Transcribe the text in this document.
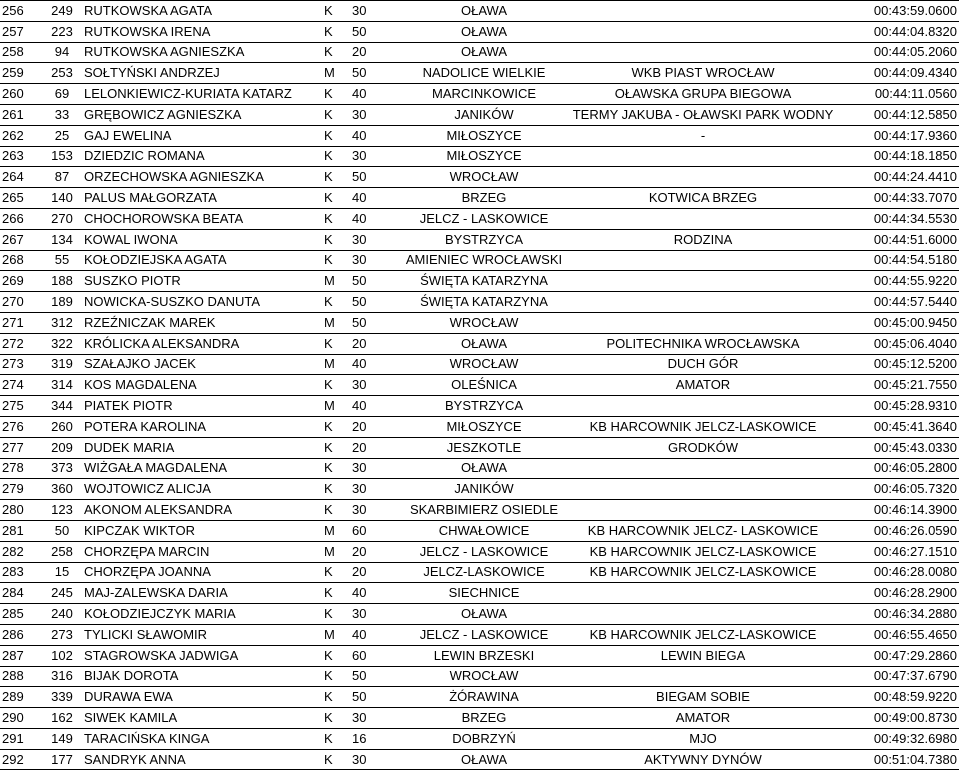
256	249	RUTKOWSKA AGATA	K	30	OŁAWA		00:43:59.0600
257	223	RUTKOWSKA IRENA	K	50	OŁAWA		00:44:04.8320
258	94	RUTKOWSKA AGNIESZKA	K	20	OŁAWA		00:44:05.2060
259	253	SOŁTYŃSKI ANDRZEJ	M	50	NADOLICE WIELKIE	WKB PIAST WROCŁAW	00:44:09.4340
260	69	LELONKIEWICZ-KURIATA KATARZ	K	40	MARCINKOWICE	OŁAWSKA GRUPA BIEGOWA	00:44:11.0560
261	33	GRĘBOWICZ AGNIESZKA	K	30	JANIKÓW	TERMY JAKUBA - OŁAWSKI PARK WODNY	00:44:12.5850
262	25	GAJ EWELINA	K	40	MIŁOSZYCE	-	00:44:17.9360
263	153	DZIEDZIC ROMANA	K	30	MIŁOSZYCE		00:44:18.1850
264	87	ORZECHOWSKA AGNIESZKA	K	50	WROCŁAW		00:44:24.4410
265	140	PALUS MAŁGORZATA	K	40	BRZEG	KOTWICA BRZEG	00:44:33.7070
266	270	CHOCHOROWSKA BEATA	K	40	JELCZ - LASKOWICE		00:44:34.5530
267	134	KOWAL IWONA	K	30	BYSTRZYCA	RODZINA	00:44:51.6000
268	55	KOŁODZIEJSKA AGATA	K	30	AMIENIEC WROCŁAWSKI		00:44:54.5180
269	188	SUSZKO PIOTR	M	50	ŚWIĘTA KATARZYNA		00:44:55.9220
270	189	NOWICKA-SUSZKO DANUTA	K	50	ŚWIĘTA KATARZYNA		00:44:57.5440
271	312	RZEŹNICZAK MAREK	M	50	WROCŁAW		00:45:00.9450
272	322	KRÓLICKA ALEKSANDRA	K	20	OŁAWA	POLITECHNIKA WROCŁAWSKA	00:45:06.4040
273	319	SZAŁAJKO JACEK	M	40	WROCŁAW	DUCH GÓR	00:45:12.5200
274	314	KOS MAGDALENA	K	30	OLEŚNICA	AMATOR	00:45:21.7550
275	344	PIATEK PIOTR	M	40	BYSTRZYCA		00:45:28.9310
276	260	POTERA KAROLINA	K	20	MIŁOSZYCE	KB HARCOWNIK JELCZ-LASKOWICE	00:45:41.3640
277	209	DUDEK MARIA	K	20	JESZKOTLE	GRODKÓW	00:45:43.0330
278	373	WIŻGAŁA MAGDALENA	K	30	OŁAWA		00:46:05.2800
279	360	WOJTOWICZ ALICJA	K	30	JANIKÓW		00:46:05.7320
280	123	AKONOM ALEKSANDRA	K	30	SKARBIMIERZ OSIEDLE		00:46:14.3900
281	50	KIPCZAK WIKTOR	M	60	CHWAŁOWICE	KB HARCOWNIK JELCZ- LASKOWICE	00:46:26.0590
282	258	CHORZĘPA MARCIN	M	20	JELCZ - LASKOWICE	KB HARCOWNIK JELCZ-LASKOWICE	00:46:27.1510
283	15	CHORZĘPA JOANNA	K	20	JELCZ-LASKOWICE	KB HARCOWNIK JELCZ-LASKOWICE	00:46:28.0080
284	245	MAJ-ZALEWSKA DARIA	K	40	SIECHNICE		00:46:28.2900
285	240	KOŁODZIEJCZYK MARIA	K	30	OŁAWA		00:46:34.2880
286	273	TYLICKI SŁAWOMIR	M	40	JELCZ - LASKOWICE	KB HARCOWNIK JELCZ-LASKOWICE	00:46:55.4650
287	102	STAGROWSKA JADWIGA	K	60	LEWIN BRZESKI	LEWIN BIEGA	00:47:29.2860
288	316	BIJAK DOROTA	K	50	WROCŁAW		00:47:37.6790
289	339	DURAWA EWA	K	50	ŻÓRAWINA	BIEGAM SOBIE	00:48:59.9220
290	162	SIWEK KAMILA	K	30	BRZEG	AMATOR	00:49:00.8730
291	149	TARACIŃSKA KINGA	K	16	DOBRZYŃ	MJO	00:49:32.6980
292	177	SANDRYK ANNA	K	30	OŁAWA	AKTYWNY DYNÓW	00:51:04.7380
